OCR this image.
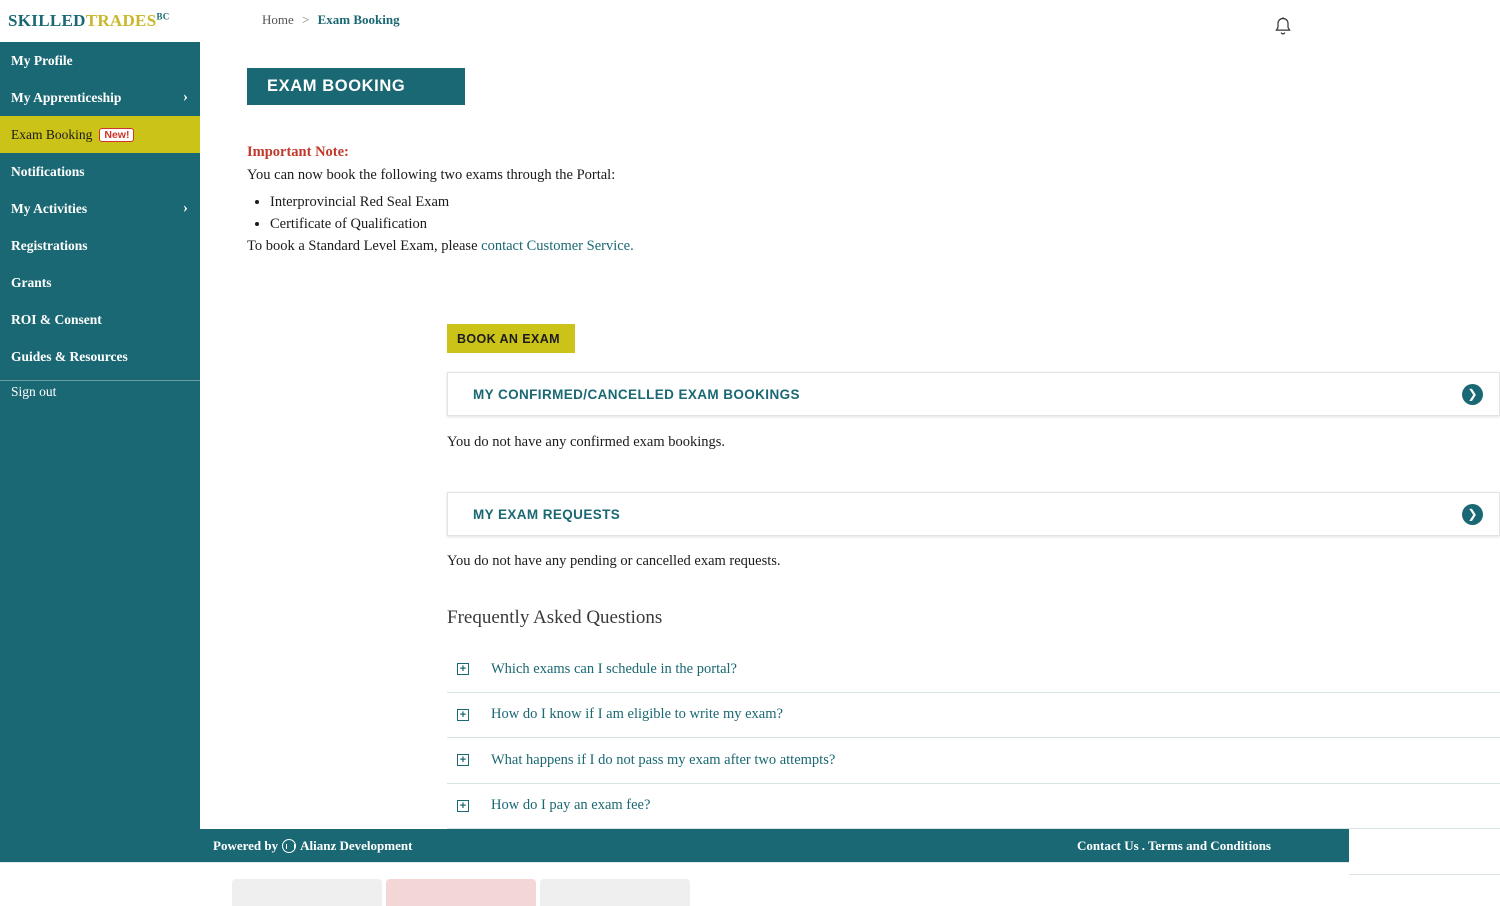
$SKILLEDTRADES^{BC}$
My Profile
My Apprenticeship	›
Exam Booking	New!
Notifications
My Activities	›
Registrations
Grants
ROI & Consent
Guides & Resources
Sign out
Home > Exam Booking
EXAM BOOKING
Important Note:

You can now book the following two exams through the Portal:

• Interprovincial Red Seal Exam
• Certificate of Qualification

To book a Standard Level Exam, please contact Customer Service.

BOOK AN EXAM
MY CONFIRMED/CANCELLED EXAM BOOKINGS	❯
You do not have any confirmed exam bookings.
MY EXAM REQUESTS	❯
You do not have any pending or cancelled exam requests.
Frequently Asked Questions
+ Which exams can I schedule in the portal?
+ How do I know if I am eligible to write my exam?
+ What happens if I do not pass my exam after two attempts?
+ How do I pay an exam fee?
Powered by Alianz Development	Contact Us . Terms and Conditions
